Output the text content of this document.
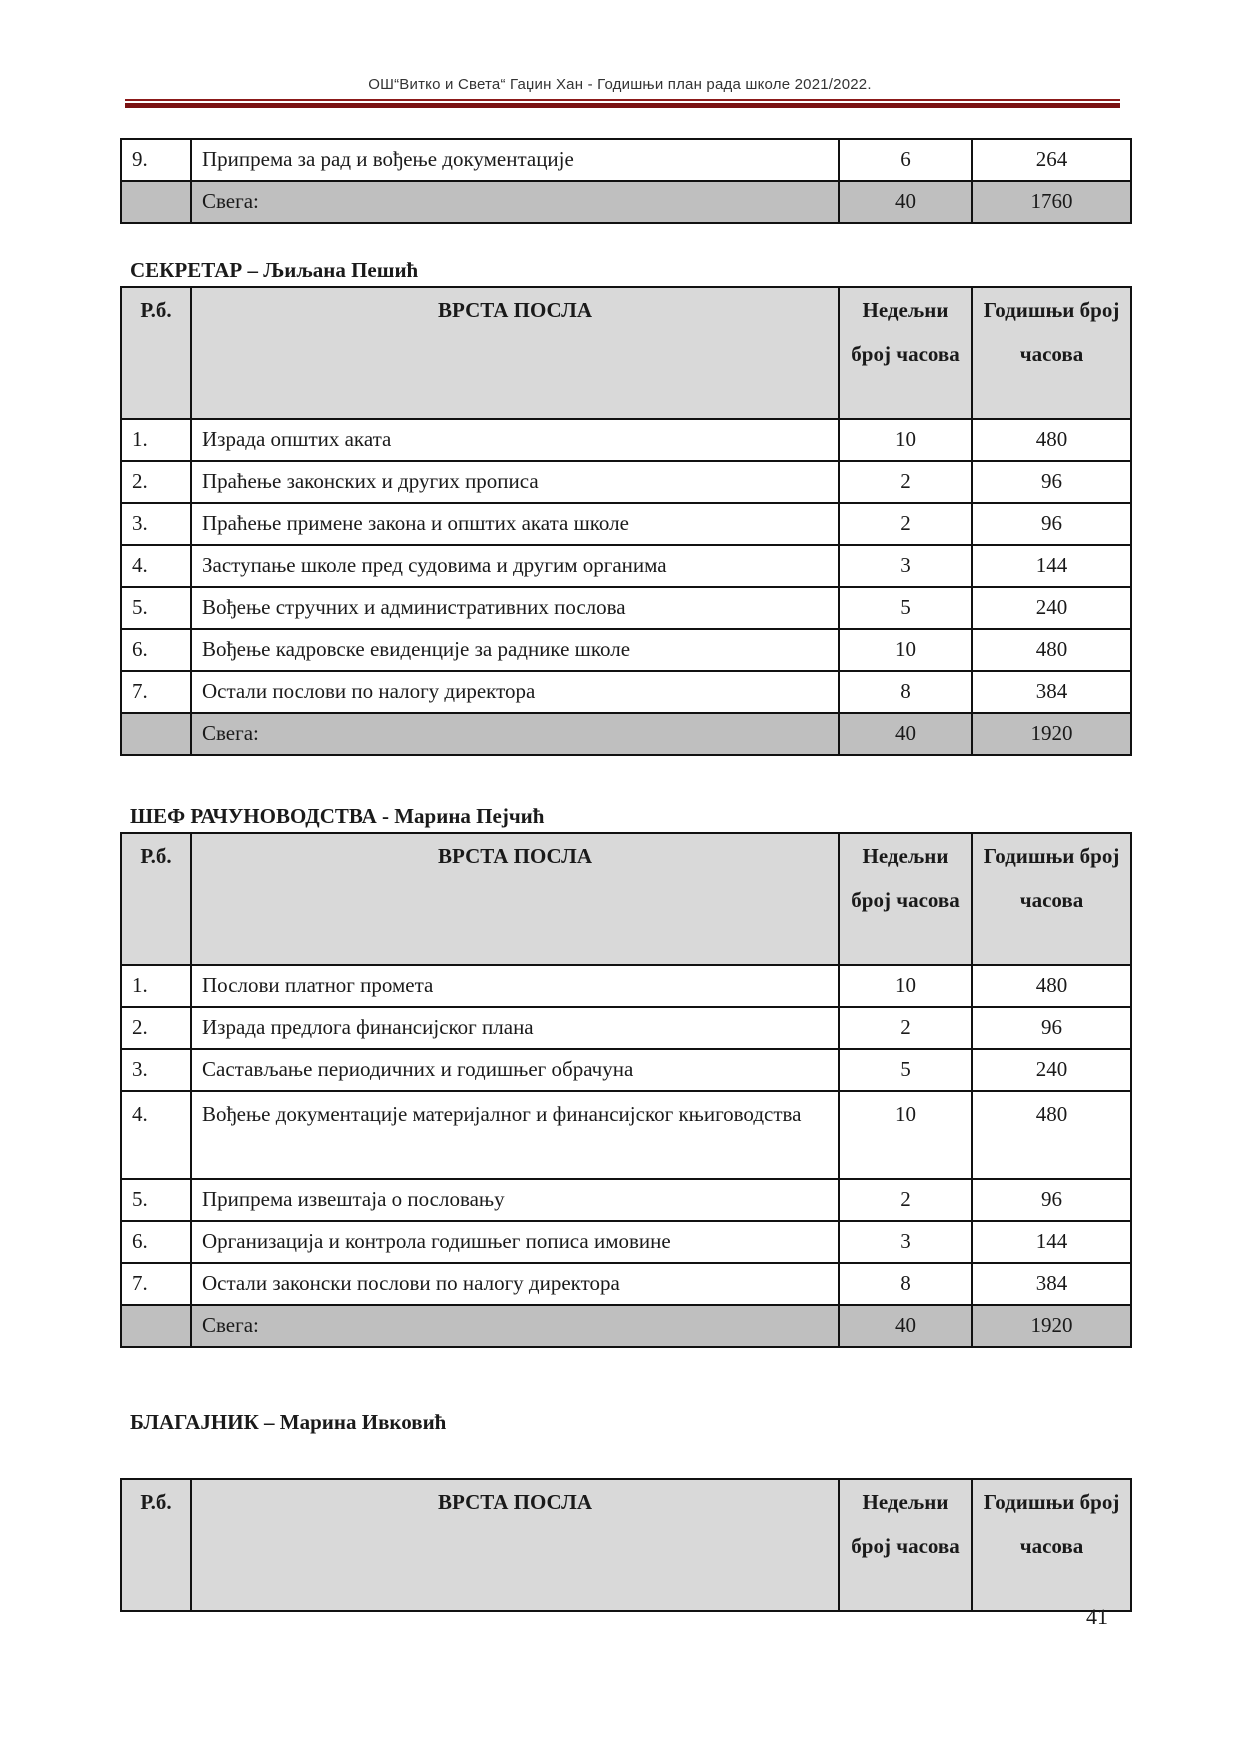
ОШ“Витко и Света“ Гаџин Хан - Годишњи план рада школе 2021/2022.
9.	Припрема за рад и вођење документације	6	264
	Свега:	40	1760
СЕКРЕТАР – Љиљана Пешић
Р.б.	ВРСТА ПОСЛА	Недељни број часова	Годишњи број часова
1.	Израда општих аката	10	480
2.	Праћење законских и других прописа	2	96
3.	Праћење примене закона и општих аката школе	2	96
4.	Заступање школе пред судовима и другим органима	3	144
5.	Вођење стручних и административних послова	5	240
6.	Вођење кадровске евиденције за раднике школе	10	480
7.	Остали послови по налогу директора	8	384
	Свега:	40	1920
ШЕФ РАЧУНОВОДСТВА - Марина Пејчић
Р.б.	ВРСТА ПОСЛА	Недељни број часова	Годишњи број часова
1.	Послови платног промета	10	480
2.	Израда предлога финансијског плана	2	96
3.	Састављање периодичних и годишњег обрачуна	5	240
4.	Вођење документације материјалног и финансијског књиговодства	10	480
5.	Припрема извештаја о пословању	2	96
6.	Организација и контрола годишњег пописа имовине	3	144
7.	Остали законски послови по налогу директора	8	384
	Свега:	40	1920
БЛАГАЈНИК – Марина Ивковић
Р.б.	ВРСТА ПОСЛА	Недељни број часова	Годишњи број часова
41
